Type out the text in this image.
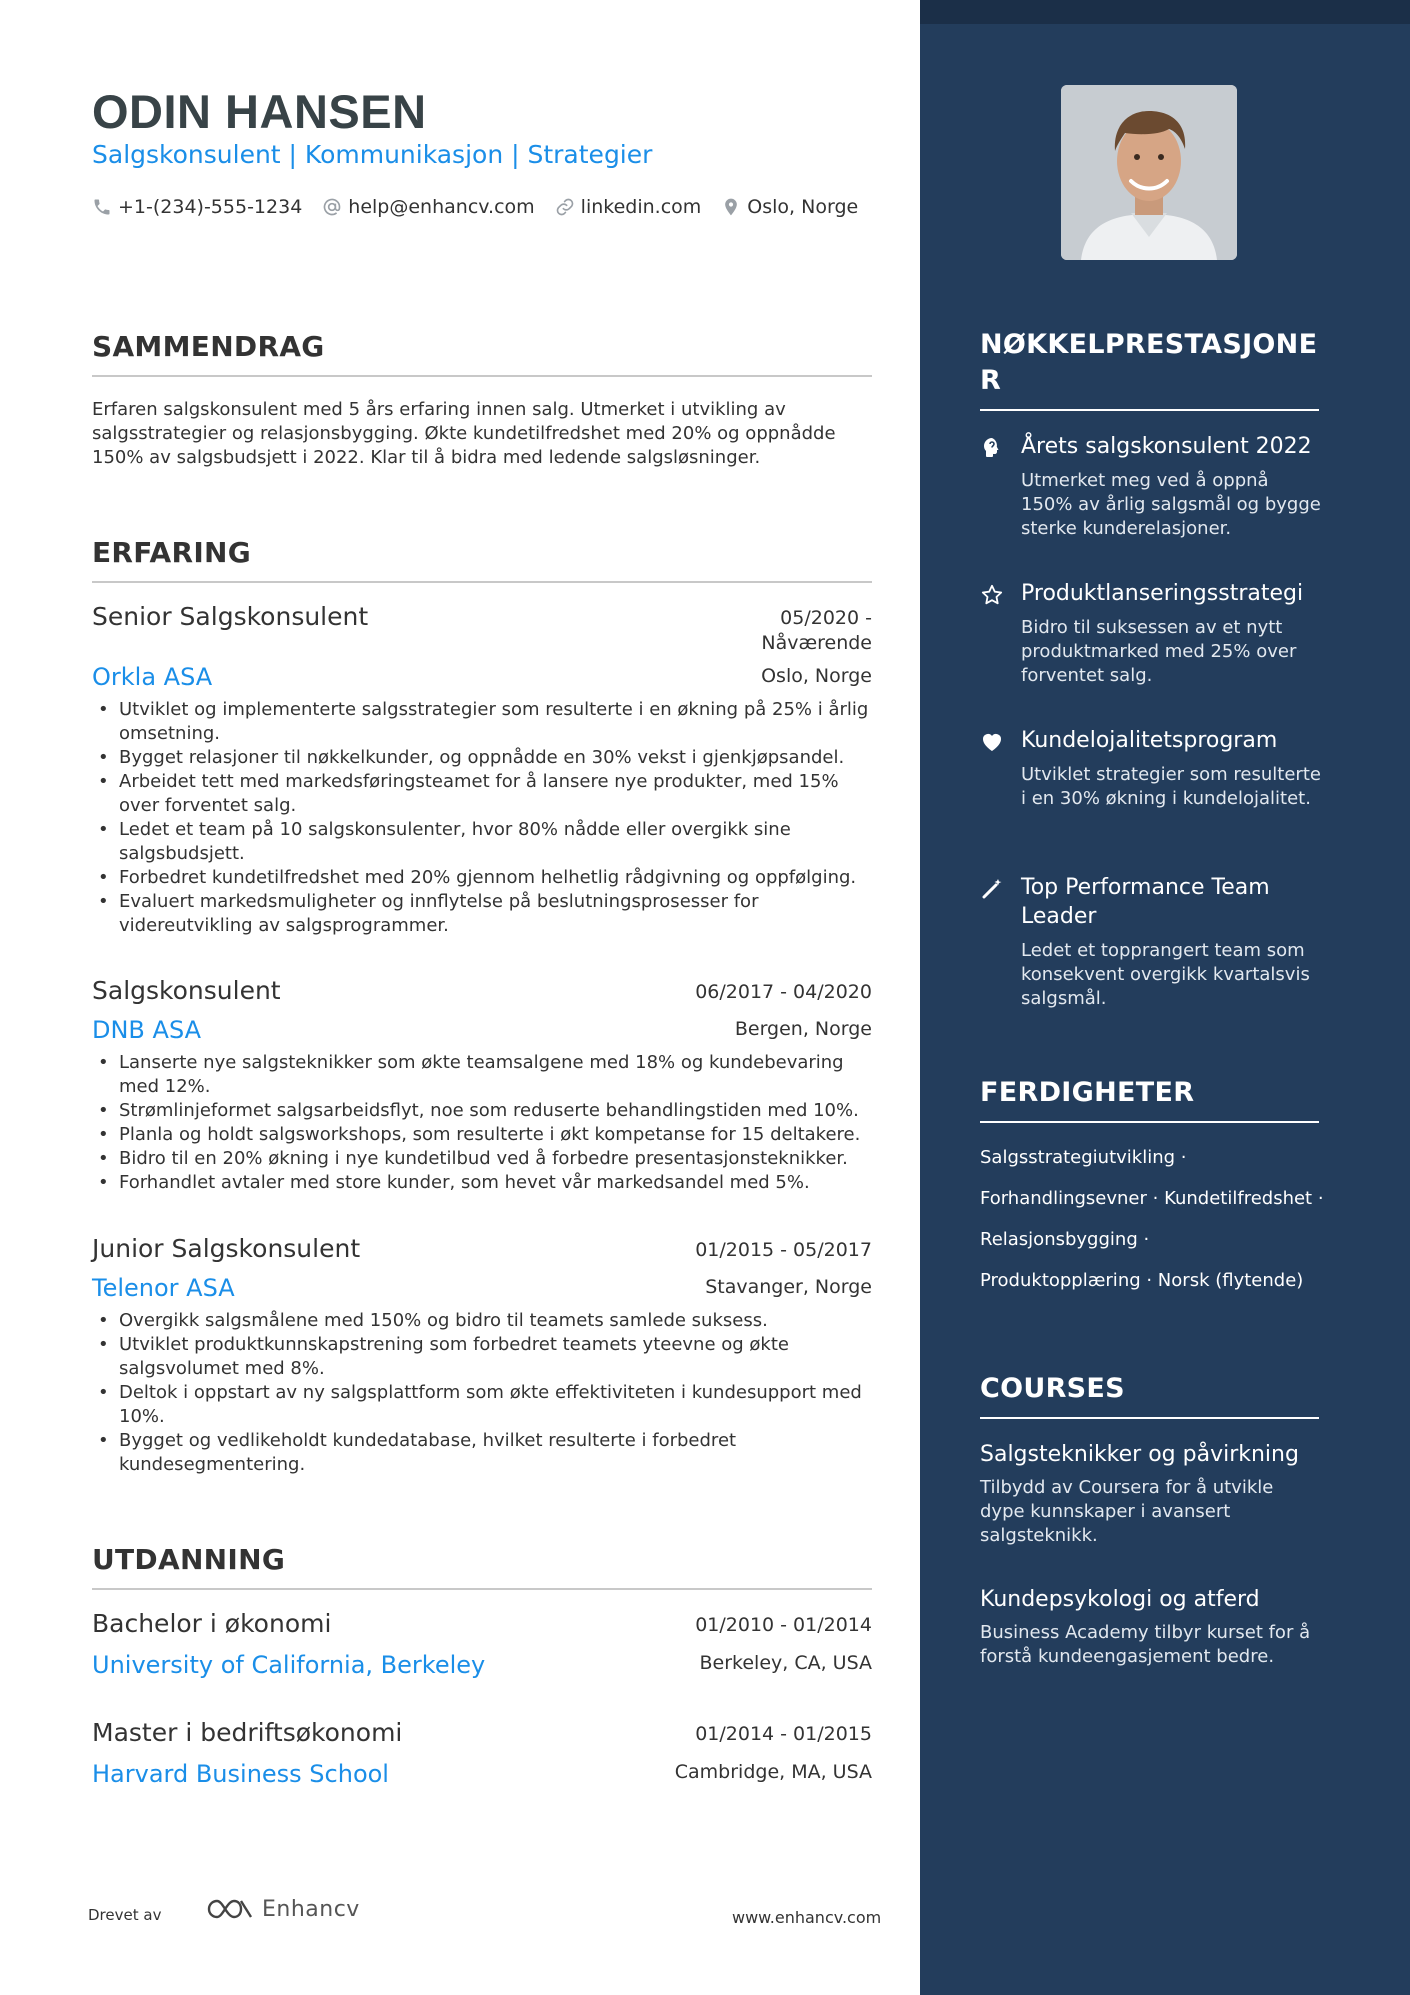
ODIN HANSEN
Salgskonsulent | Kommunikasjon | Strategier
+1-(234)-555-1234 help@enhancv.com linkedin.com Oslo, Norge
SAMMENDRAG

Erfaren salgskonsulent med 5 års erfaring innen salg. Utmerket i utvikling av salgsstrategier og relasjonsbygging. Økte kundetilfredshet med 20% og oppnådde 150% av salgsbudsjett i 2022. Klar til å bidra med ledende salgsløsninger.

ERFARING
Senior Salgskonsulent	05/2020 -
Nåværende
Orkla ASA	Oslo, Norge
• Utviklet og implementerte salgsstrategier som resulterte i en økning på 25% i årlig omsetning.
• Bygget relasjoner til nøkkelkunder, og oppnådde en 30% vekst i gjenkjøpsandel.
• Arbeidet tett med markedsføringsteamet for å lansere nye produkter, med 15% over forventet salg.
• Ledet et team på 10 salgskonsulenter, hvor 80% nådde eller overgikk sine salgsbudsjett.
• Forbedret kundetilfredshet med 20% gjennom helhetlig rådgivning og oppfølging.
• Evaluert markedsmuligheter og innflytelse på beslutningsprosesser for videreutvikling av salgsprogrammer.
Salgskonsulent	06/2017 - 04/2020
DNB ASA	Bergen, Norge
• Lanserte nye salgsteknikker som økte teamsalgene med 18% og kundebevaring med 12%.
• Strømlinjeformet salgsarbeidsflyt, noe som reduserte behandlingstiden med 10%.
• Planla og holdt salgsworkshops, som resulterte i økt kompetanse for 15 deltakere.
• Bidro til en 20% økning i nye kundetilbud ved å forbedre presentasjonsteknikker.
• Forhandlet avtaler med store kunder, som hevet vår markedsandel med 5%.
Junior Salgskonsulent	01/2015 - 05/2017
Telenor ASA	Stavanger, Norge
• Overgikk salgsmålene med 150% og bidro til teamets samlede suksess.
• Utviklet produktkunnskapstrening som forbedret teamets yteevne og økte salgsvolumet med 8%.
• Deltok i oppstart av ny salgsplattform som økte effektiviteten i kundesupport med 10%.
• Bygget og vedlikeholdt kundedatabase, hvilket resulterte i forbedret kundesegmentering.
UTDANNING
Bachelor i økonomi	01/2010 - 01/2014
University of California, Berkeley	Berkeley, CA, USA
Master i bedriftsøkonomi	01/2014 - 01/2015
Harvard Business School	Cambridge, MA, USA
Drevet av	Enhancv	www.enhancv.com
NØKKELPRESTASJONER
Årets salgskonsulent 2022
Utmerket meg ved å oppnå 150% av årlig salgsmål og bygge sterke kunderelasjoner.
Produktlanseringsstrategi
Bidro til suksessen av et nytt produktmarked med 25% over forventet salg.
Kundelojalitetsprogram
Utviklet strategier som resulterte i en 30% økning i kundelojalitet.
Top Performance Team Leader
Ledet et topprangert team som konsekvent overgikk kvartalsvis salgsmål.
FERDIGHETER
Salgsstrategiutvikling ·
Forhandlingsevner · Kundetilfredshet ·
Relasjonsbygging ·
Produktopplæring · Norsk (flytende)
COURSES
Salgsteknikker og påvirkning
Tilbydd av Coursera for å utvikle dype kunnskaper i avansert salgsteknikk.
Kundepsykologi og atferd
Business Academy tilbyr kurset for å forstå kundeengasjement bedre.
